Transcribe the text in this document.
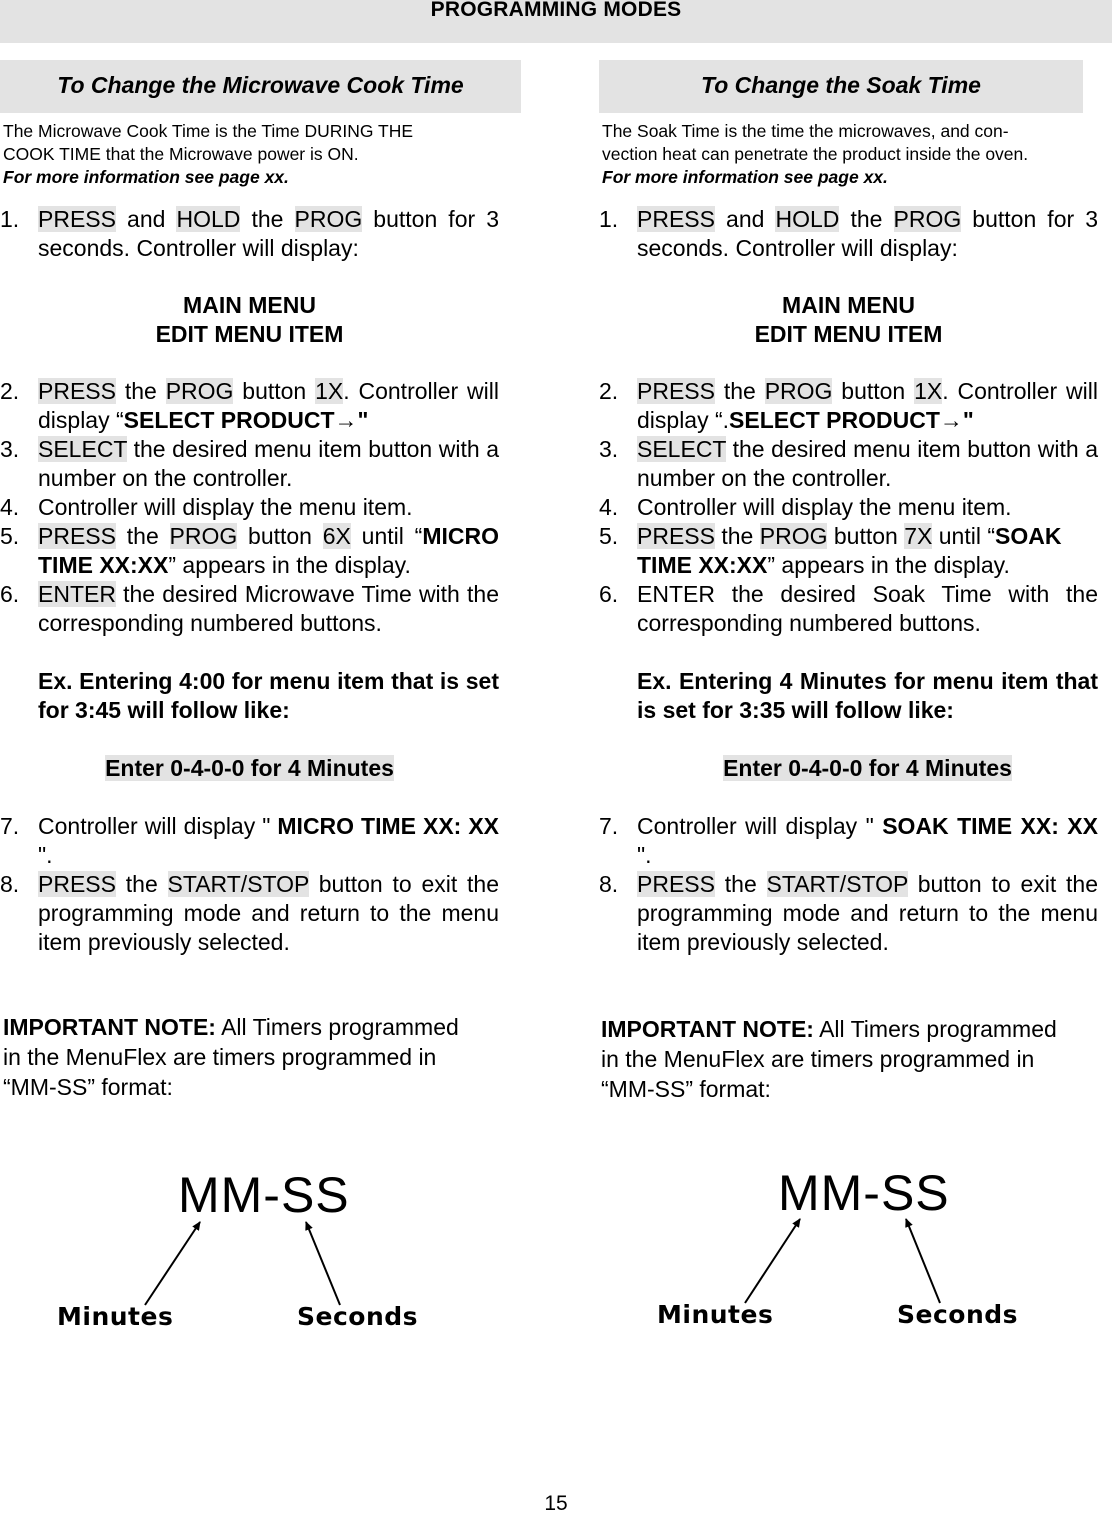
PROGRAMMING MODES
To Change the Microwave Cook Time
The Microwave Cook Time is the Time DURING THE
COOK TIME that the Microwave power is ON.
For more information see page xx.
1. PRESS and HOLD the PROG button for 3 seconds. Controller will display:
MAIN MENU
EDIT MENU ITEM
2. PRESS the PROG button 1X. Controller will display “SELECT PRODUCT→"
3. SELECT the desired menu item button with a number on the controller.
4. Controller will display the menu item.
5. PRESS the PROG button 6X until “MICRO TIME XX:XX” appears in the display.
6. ENTER the desired Microwave Time with the corresponding numbered buttons.
Ex. Entering 4:00 for menu item that is set for 3:45 will follow like:
Enter 0-4-0-0 for 4 Minutes
7. Controller will display " MICRO TIME XX: XX ".
8. PRESS the START/STOP button to exit the programming mode and return to the menu item previously selected.
IMPORTANT NOTE: All Timers programmed
in the MenuFlex are timers programmed in
“MM-SS” format:
To Change the Soak Time
The Soak Time is the time the microwaves, and con-
vection heat can penetrate the product inside the oven.
For more information see page xx.
1. PRESS and HOLD the PROG button for 3 seconds. Controller will display:
MAIN MENU
EDIT MENU ITEM
2. PRESS the PROG button 1X. Controller will display “.SELECT PRODUCT→"
3. SELECT the desired menu item button with a number on the controller.
4. Controller will display the menu item.
5. PRESS the PROG button 7X until “SOAK TIME XX:XX” appears in the display.
6. ENTER the desired Soak Time with the corresponding numbered buttons.
Ex. Entering 4 Minutes for menu item that is set for 3:35 will follow like:
Enter 0-4-0-0 for 4 Minutes
7. Controller will display " SOAK TIME XX: XX ".
8. PRESS the START/STOP button to exit the programming mode and return to the menu item previously selected.
IMPORTANT NOTE: All Timers programmed
in the MenuFlex are timers programmed in
“MM-SS” format:
MM-SS
Minutes	Seconds
MM-SS
Minutes	Seconds
15
